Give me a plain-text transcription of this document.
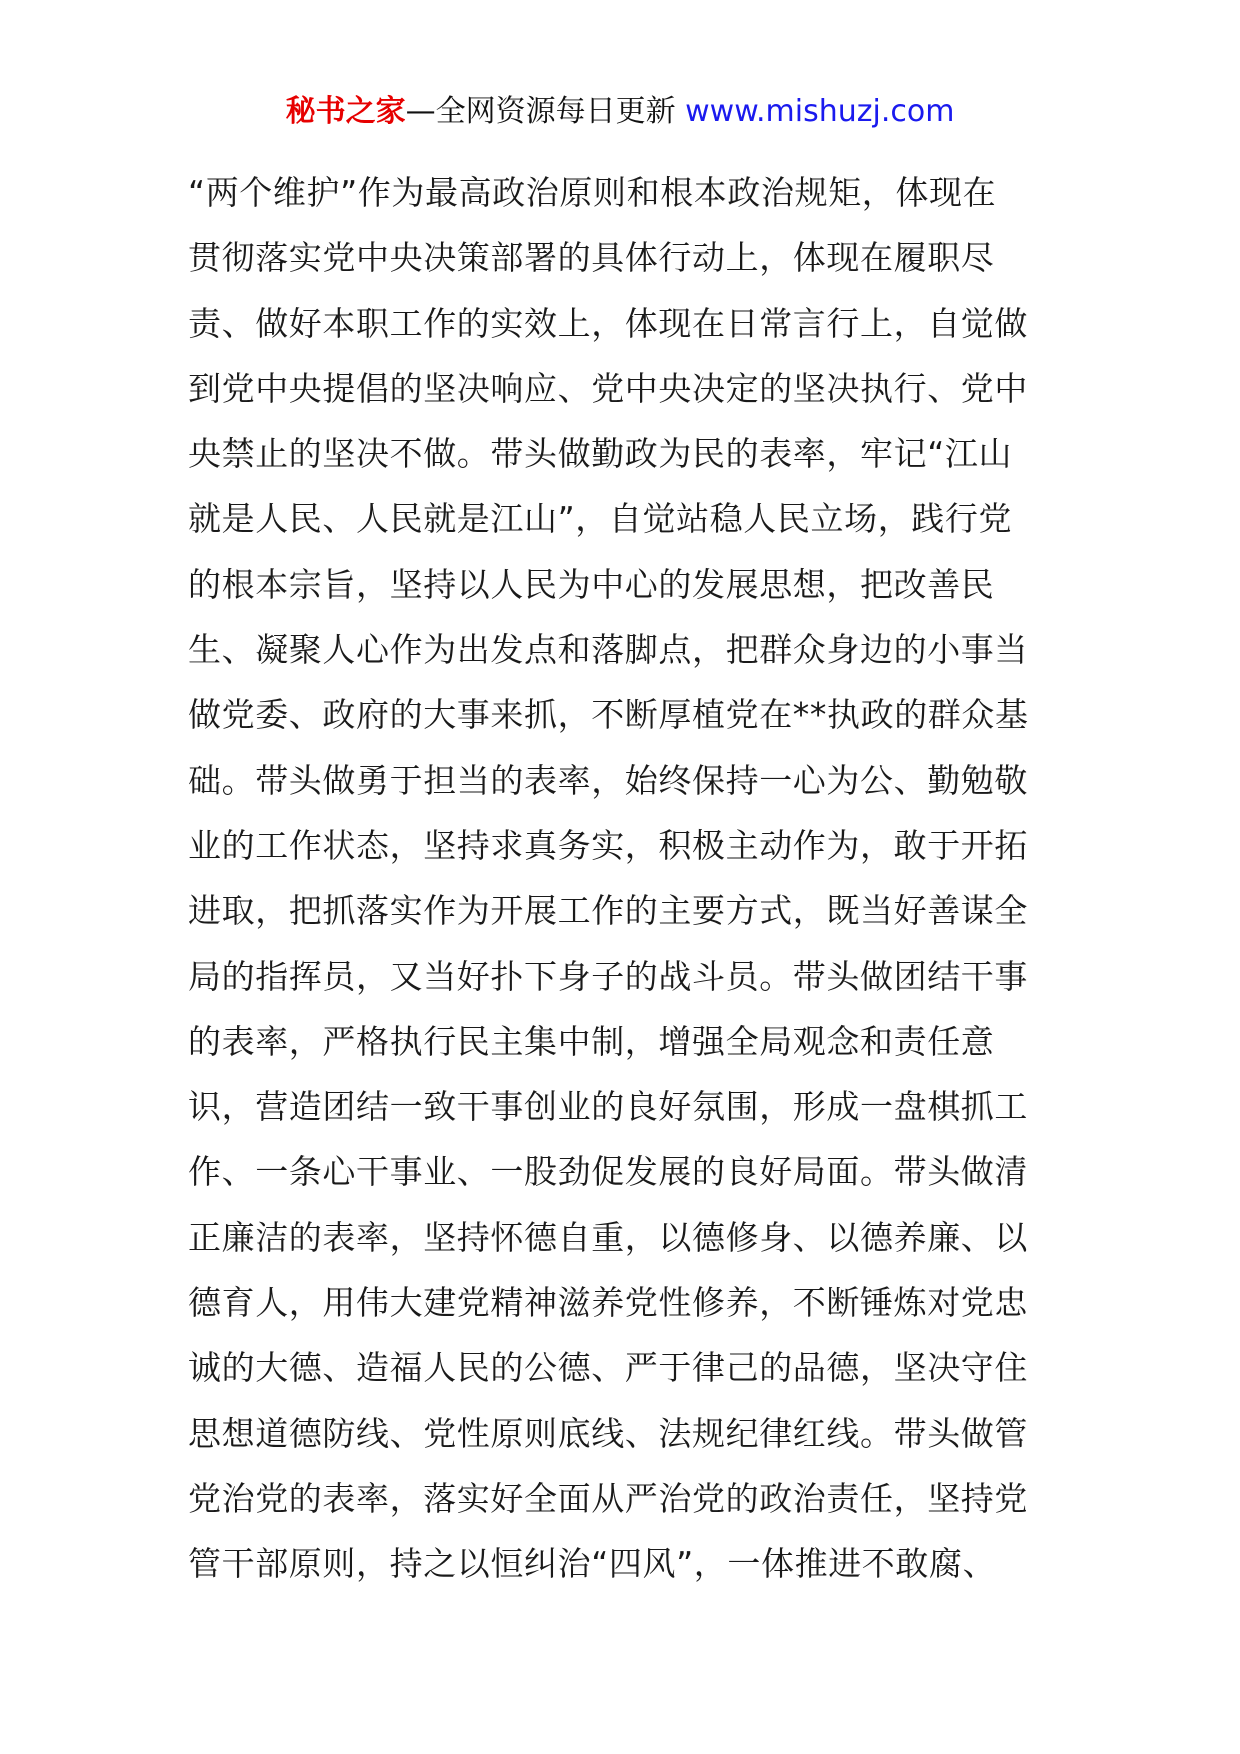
秘书之家—全网资源每日更新 www.mishuzj.com
“两个维护”作为最高政治原则和根本政治规矩，体现在
贯彻落实党中央决策部署的具体行动上，体现在履职尽
责、做好本职工作的实效上，体现在日常言行上，自觉做
到党中央提倡的坚决响应、党中央决定的坚决执行、党中
央禁止的坚决不做。带头做勤政为民的表率，牢记“江山
就是人民、人民就是江山”，自觉站稳人民立场，践行党
的根本宗旨，坚持以人民为中心的发展思想，把改善民
生、凝聚人心作为出发点和落脚点，把群众身边的小事当
做党委、政府的大事来抓，不断厚植党在**执政的群众基
础。带头做勇于担当的表率，始终保持一心为公、勤勉敬
业的工作状态，坚持求真务实，积极主动作为，敢于开拓
进取，把抓落实作为开展工作的主要方式，既当好善谋全
局的指挥员，又当好扑下身子的战斗员。带头做团结干事
的表率，严格执行民主集中制，增强全局观念和责任意
识，营造团结一致干事创业的良好氛围，形成一盘棋抓工
作、一条心干事业、一股劲促发展的良好局面。带头做清
正廉洁的表率，坚持怀德自重，以德修身、以德养廉、以
德育人，用伟大建党精神滋养党性修养，不断锤炼对党忠
诚的大德、造福人民的公德、严于律己的品德，坚决守住
思想道德防线、党性原则底线、法规纪律红线。带头做管
党治党的表率，落实好全面从严治党的政治责任，坚持党
管干部原则，持之以恒纠治“四风”，一体推进不敢腐、
